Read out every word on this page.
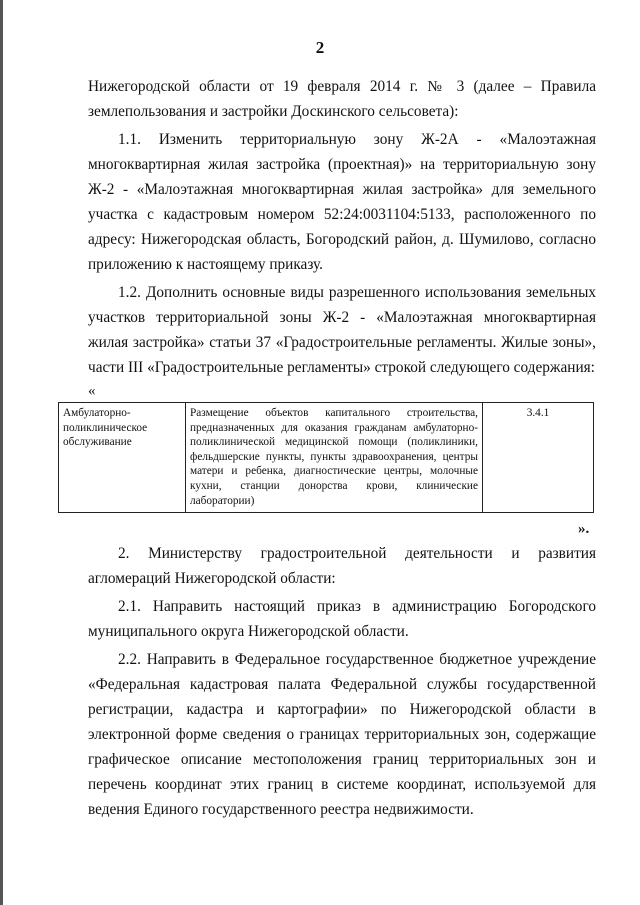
2

Нижегородской области от 19 февраля 2014 г. № 3 (далее – Правила землепользования и застройки Доскинского сельсовета):

1.1. Изменить территориальную зону Ж-2А - «Малоэтажная многоквартирная жилая застройка (проектная)» на территориальную зону Ж-2 - «Малоэтажная многоквартирная жилая застройка» для земельного участка с кадастровым номером 52:24:0031104:5133, расположенного по адресу: Нижегородская область, Богородский район, д. Шумилово, согласно приложению к настоящему приказу.

1.2. Дополнить основные виды разрешенного использования земельных участков территориальной зоны Ж-2 - «Малоэтажная многоквартирная жилая застройка» статьи 37 «Градостроительные регламенты. Жилые зоны», части III «Градостроительные регламенты» строкой следующего содержания:

«
Амбулаторно-поликлиническое обслуживание	Размещение объектов капитального строительства, предназначенных для оказания гражданам амбулаторно-поликлинической медицинской помощи (поликлиники, фельдшерские пункты, пункты здравоохранения, центры матери и ребенка, диагностические центры, молочные кухни, станции донорства крови, клинические лаборатории)	3.4.1
».

2. Министерству градостроительной деятельности и развития агломераций Нижегородской области:

2.1. Направить настоящий приказ в администрацию Богородского муниципального округа Нижегородской области.

2.2. Направить в Федеральное государственное бюджетное учреждение «Федеральная кадастровая палата Федеральной службы государственной регистрации, кадастра и картографии» по Нижегородской области в электронной форме сведения о границах территориальных зон, содержащие графическое описание местоположения границ территориальных зон и перечень координат этих границ в системе координат, используемой для ведения Единого государственного реестра недвижимости.
